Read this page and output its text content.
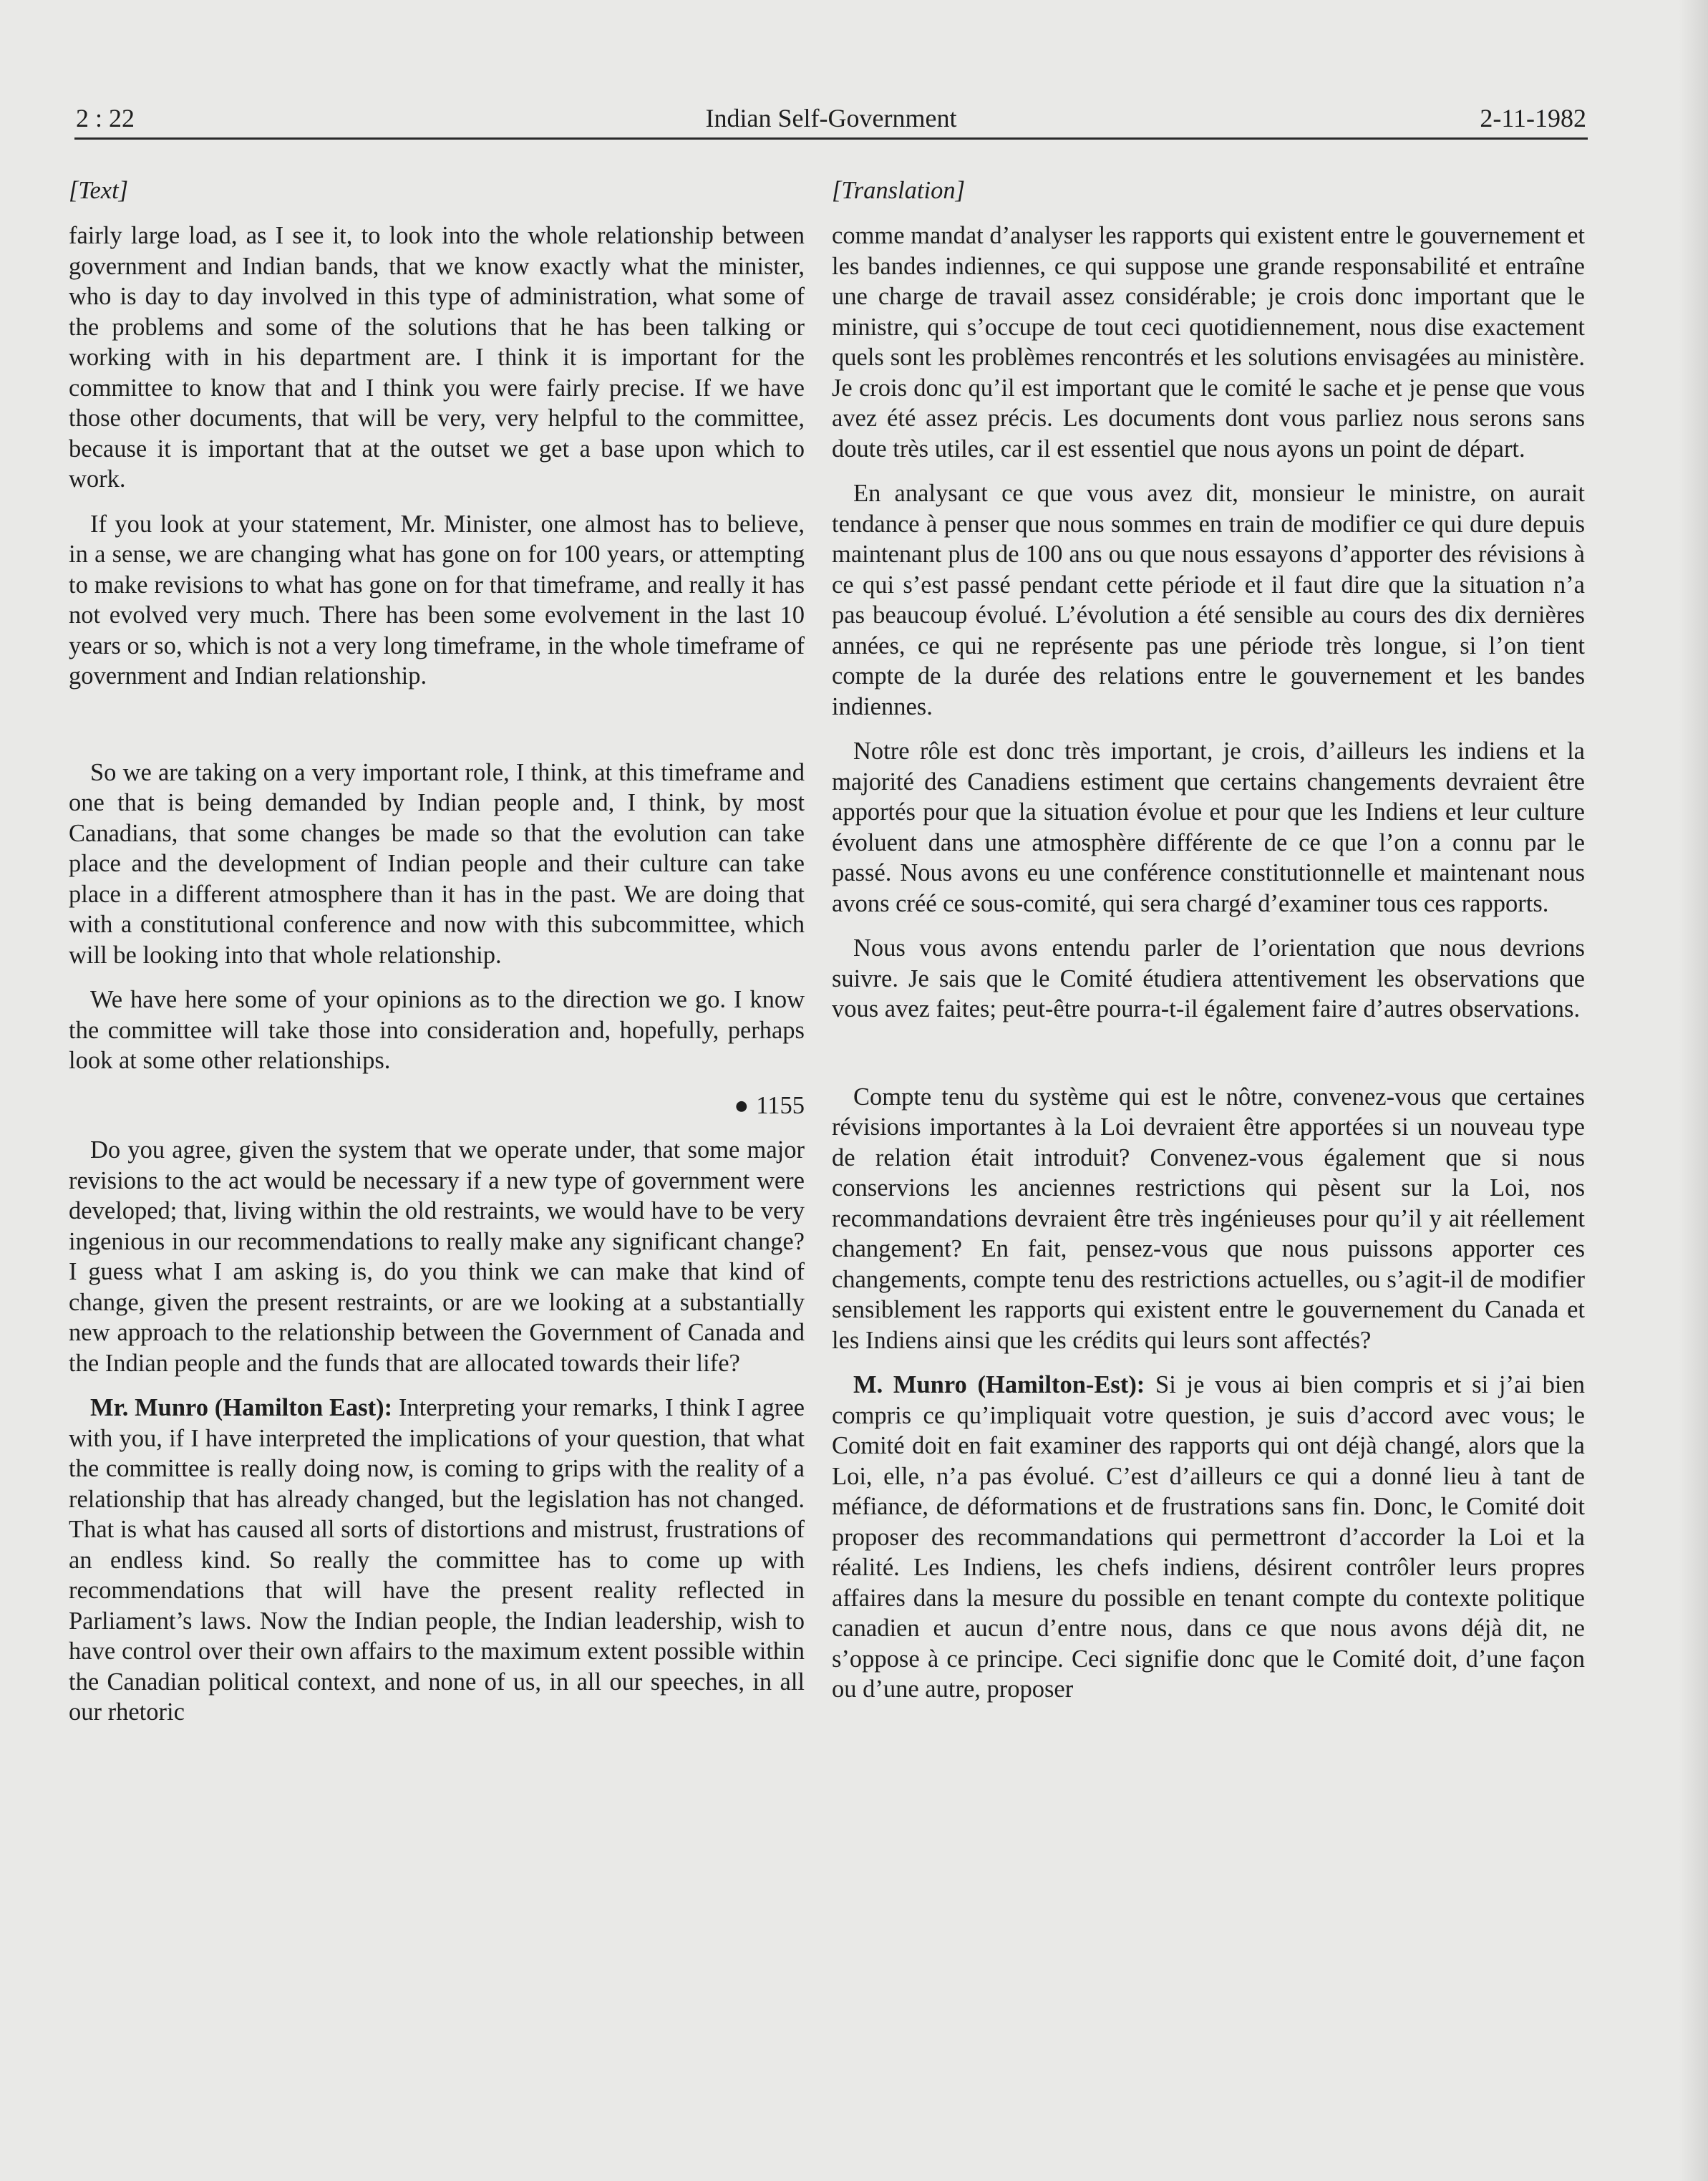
2 : 22	Indian Self-Government	2-11-1982

[Text]

fairly large load, as I see it, to look into the whole relationship between government and Indian bands, that we know exactly what the minister, who is day to day involved in this type of administration, what some of the problems and some of the solutions that he has been talking or working with in his department are. I think it is important for the committee to know that and I think you were fairly precise. If we have those other documents, that will be very, very helpful to the committee, because it is important that at the outset we get a base upon which to work.

If you look at your statement, Mr. Minister, one almost has to believe, in a sense, we are changing what has gone on for 100 years, or attempting to make revisions to what has gone on for that timeframe, and really it has not evolved very much. There has been some evolvement in the last 10 years or so, which is not a very long timeframe, in the whole timeframe of government and Indian relationship.

So we are taking on a very important role, I think, at this timeframe and one that is being demanded by Indian people and, I think, by most Canadians, that some changes be made so that the evolution can take place and the development of Indian people and their culture can take place in a different atmosphere than it has in the past. We are doing that with a constitutional conference and now with this subcommittee, which will be looking into that whole relationship.

We have here some of your opinions as to the direction we go. I know the committee will take those into consideration and, hopefully, perhaps look at some other relationships.

● 1155

Do you agree, given the system that we operate under, that some major revisions to the act would be necessary if a new type of government were developed; that, living within the old restraints, we would have to be very ingenious in our recommendations to really make any significant change? I guess what I am asking is, do you think we can make that kind of change, given the present restraints, or are we looking at a substantially new approach to the relationship between the Government of Canada and the Indian people and the funds that are allocated towards their life?

Mr. Munro (Hamilton East): Interpreting your remarks, I think I agree with you, if I have interpreted the implications of your question, that what the committee is really doing now, is coming to grips with the reality of a relationship that has already changed, but the legislation has not changed. That is what has caused all sorts of distortions and mistrust, frustrations of an endless kind. So really the committee has to come up with recommendations that will have the present reality reflected in Parliament’s laws. Now the Indian people, the Indian leadership, wish to have control over their own affairs to the maximum extent possible within the Canadian political context, and none of us, in all our speeches, in all our rhetoric

[Translation]

comme mandat d’analyser les rapports qui existent entre le gouvernement et les bandes indiennes, ce qui suppose une grande responsabilité et entraîne une charge de travail assez considérable; je crois donc important que le ministre, qui s’occupe de tout ceci quotidiennement, nous dise exactement quels sont les problèmes rencontrés et les solutions envisagées au ministère. Je crois donc qu’il est important que le comité le sache et je pense que vous avez été assez précis. Les documents dont vous parliez nous serons sans doute très utiles, car il est essentiel que nous ayons un point de départ.

En analysant ce que vous avez dit, monsieur le ministre, on aurait tendance à penser que nous sommes en train de modifier ce qui dure depuis maintenant plus de 100 ans ou que nous essayons d’apporter des révisions à ce qui s’est passé pendant cette période et il faut dire que la situation n’a pas beaucoup évolué. L’évolution a été sensible au cours des dix dernières années, ce qui ne représente pas une période très longue, si l’on tient compte de la durée des relations entre le gouvernement et les bandes indiennes.

Notre rôle est donc très important, je crois, d’ailleurs les indiens et la majorité des Canadiens estiment que certains changements devraient être apportés pour que la situation évolue et pour que les Indiens et leur culture évoluent dans une atmosphère différente de ce que l’on a connu par le passé. Nous avons eu une conférence constitutionnelle et maintenant nous avons créé ce sous-comité, qui sera chargé d’examiner tous ces rapports.

Nous vous avons entendu parler de l’orientation que nous devrions suivre. Je sais que le Comité étudiera attentivement les observations que vous avez faites; peut-être pourra-t-il également faire d’autres observations.

Compte tenu du système qui est le nôtre, convenez-vous que certaines révisions importantes à la Loi devraient être apportées si un nouveau type de relation était introduit? Convenez-vous également que si nous conservions les anciennes restrictions qui pèsent sur la Loi, nos recommandations devraient être très ingénieuses pour qu’il y ait réellement changement? En fait, pensez-vous que nous puissons apporter ces changements, compte tenu des restrictions actuelles, ou s’agit-il de modifier sensiblement les rapports qui existent entre le gouvernement du Canada et les Indiens ainsi que les crédits qui leurs sont affectés?

M. Munro (Hamilton-Est): Si je vous ai bien compris et si j’ai bien compris ce qu’impliquait votre question, je suis d’accord avec vous; le Comité doit en fait examiner des rapports qui ont déjà changé, alors que la Loi, elle, n’a pas évolué. C’est d’ailleurs ce qui a donné lieu à tant de méfiance, de déformations et de frustrations sans fin. Donc, le Comité doit proposer des recommandations qui permettront d’accorder la Loi et la réalité. Les Indiens, les chefs indiens, désirent contrôler leurs propres affaires dans la mesure du possible en tenant compte du contexte politique canadien et aucun d’entre nous, dans ce que nous avons déjà dit, ne s’oppose à ce principe. Ceci signifie donc que le Comité doit, d’une façon ou d’une autre, proposer
